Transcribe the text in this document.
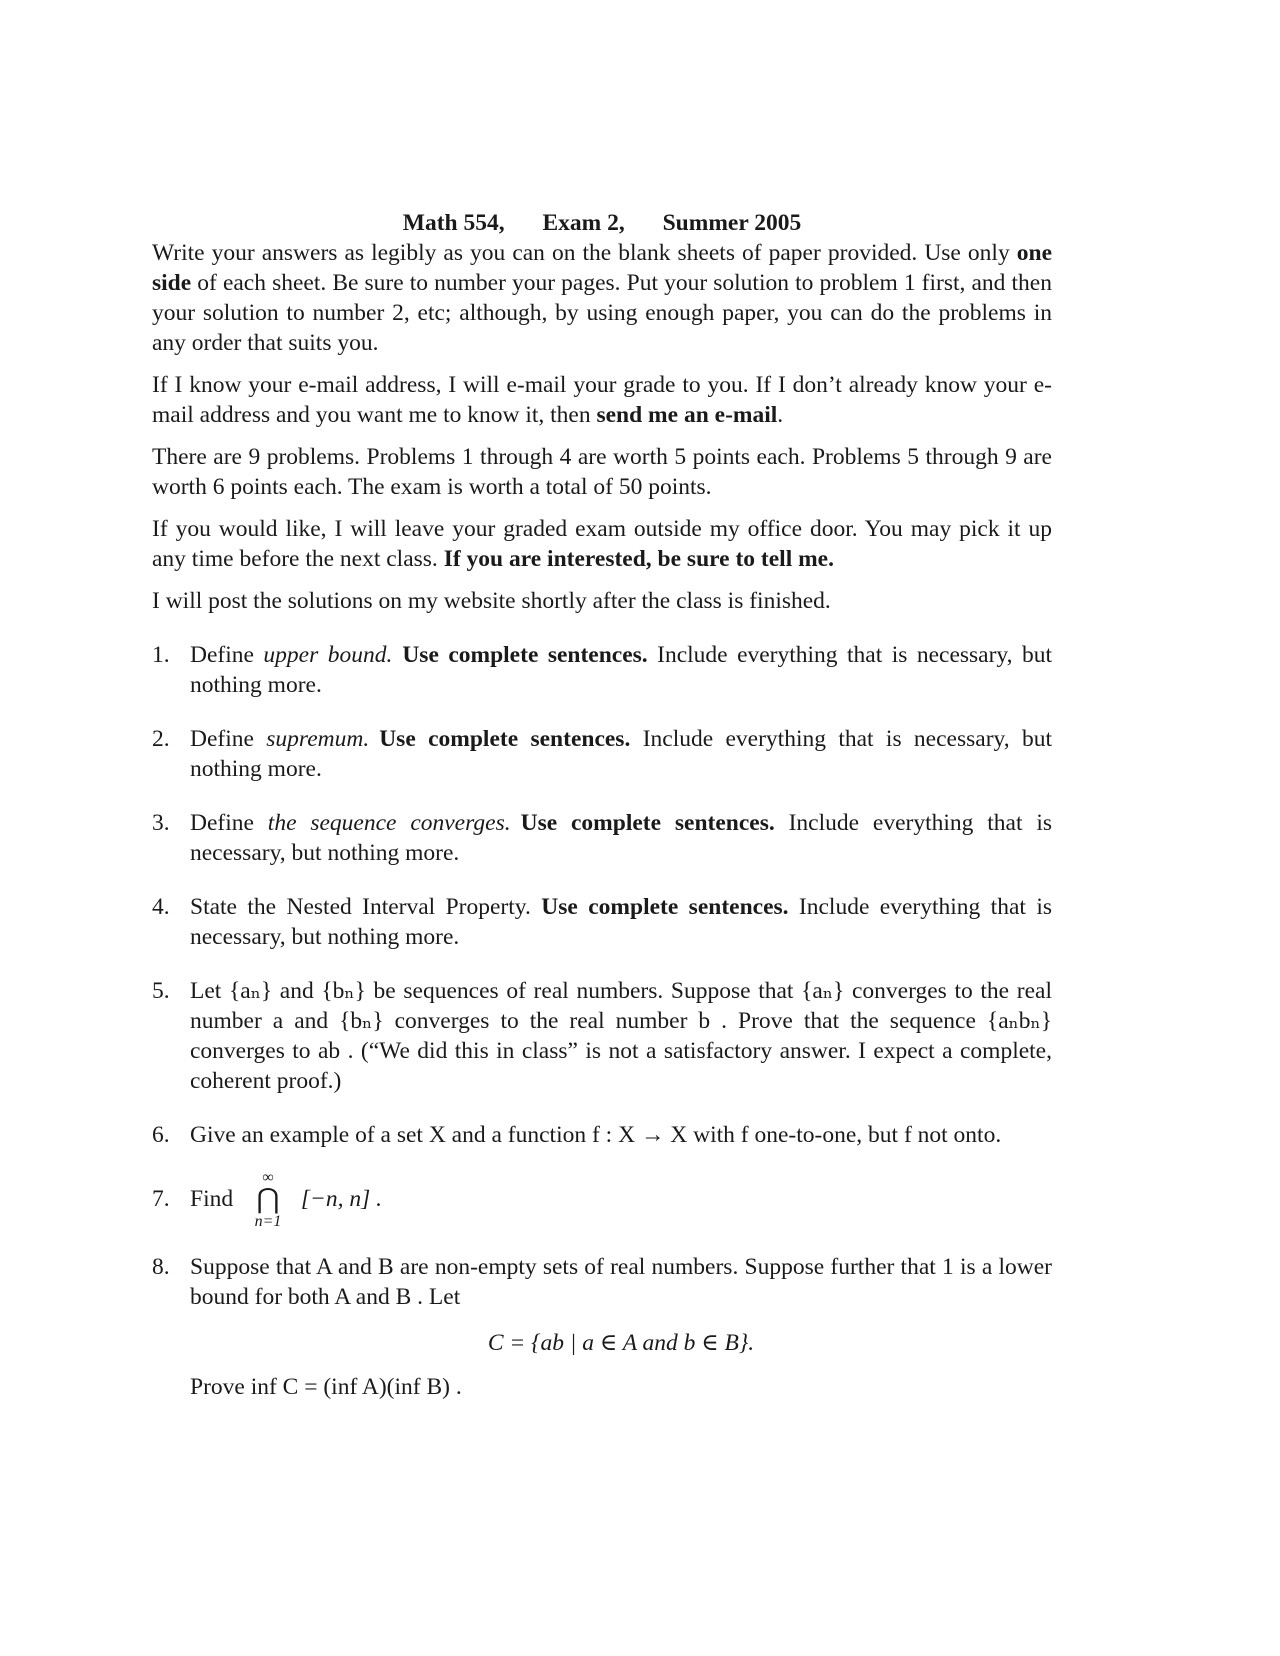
Math 554, Exam 2, Summer 2005

Write your answers as legibly as you can on the blank sheets of paper provided. Use only one side of each sheet. Be sure to number your pages. Put your solution to problem 1 first, and then your solution to number 2, etc; although, by using enough paper, you can do the problems in any order that suits you.

If I know your e-mail address, I will e-mail your grade to you. If I don’t already know your e-mail address and you want me to know it, then send me an e-mail.

There are 9 problems. Problems 1 through 4 are worth 5 points each. Problems 5 through 9 are worth 6 points each. The exam is worth a total of 50 points.

If you would like, I will leave your graded exam outside my office door. You may pick it up any time before the next class. If you are interested, be sure to tell me.

I will post the solutions on my website shortly after the class is finished.

1. Define upper bound. Use complete sentences. Include everything that is necessary, but nothing more.
2. Define supremum. Use complete sentences. Include everything that is necessary, but nothing more.
3. Define the sequence converges. Use complete sentences. Include everything that is necessary, but nothing more.
4. State the Nested Interval Property. Use complete sentences. Include everything that is necessary, but nothing more.
5. Let {aₙ} and {bₙ} be sequences of real numbers. Suppose that {aₙ} converges to the real number a and {bₙ} converges to the real number b . Prove that the sequence {aₙbₙ} converges to ab . (“We did this in class” is not a satisfactory answer. I expect a complete, coherent proof.)
6. Give an example of a set X and a function f : X → X with f one-to-one, but f not onto.
7. Find
∞
⋂
n=1
[−n, n] .
8. Suppose that A and B are non-empty sets of real numbers. Suppose further that 1 is a lower bound for both A and B . Let
C = {ab | a ∈ A and b ∈ B}.
Prove inf C = (inf A)(inf B) .
